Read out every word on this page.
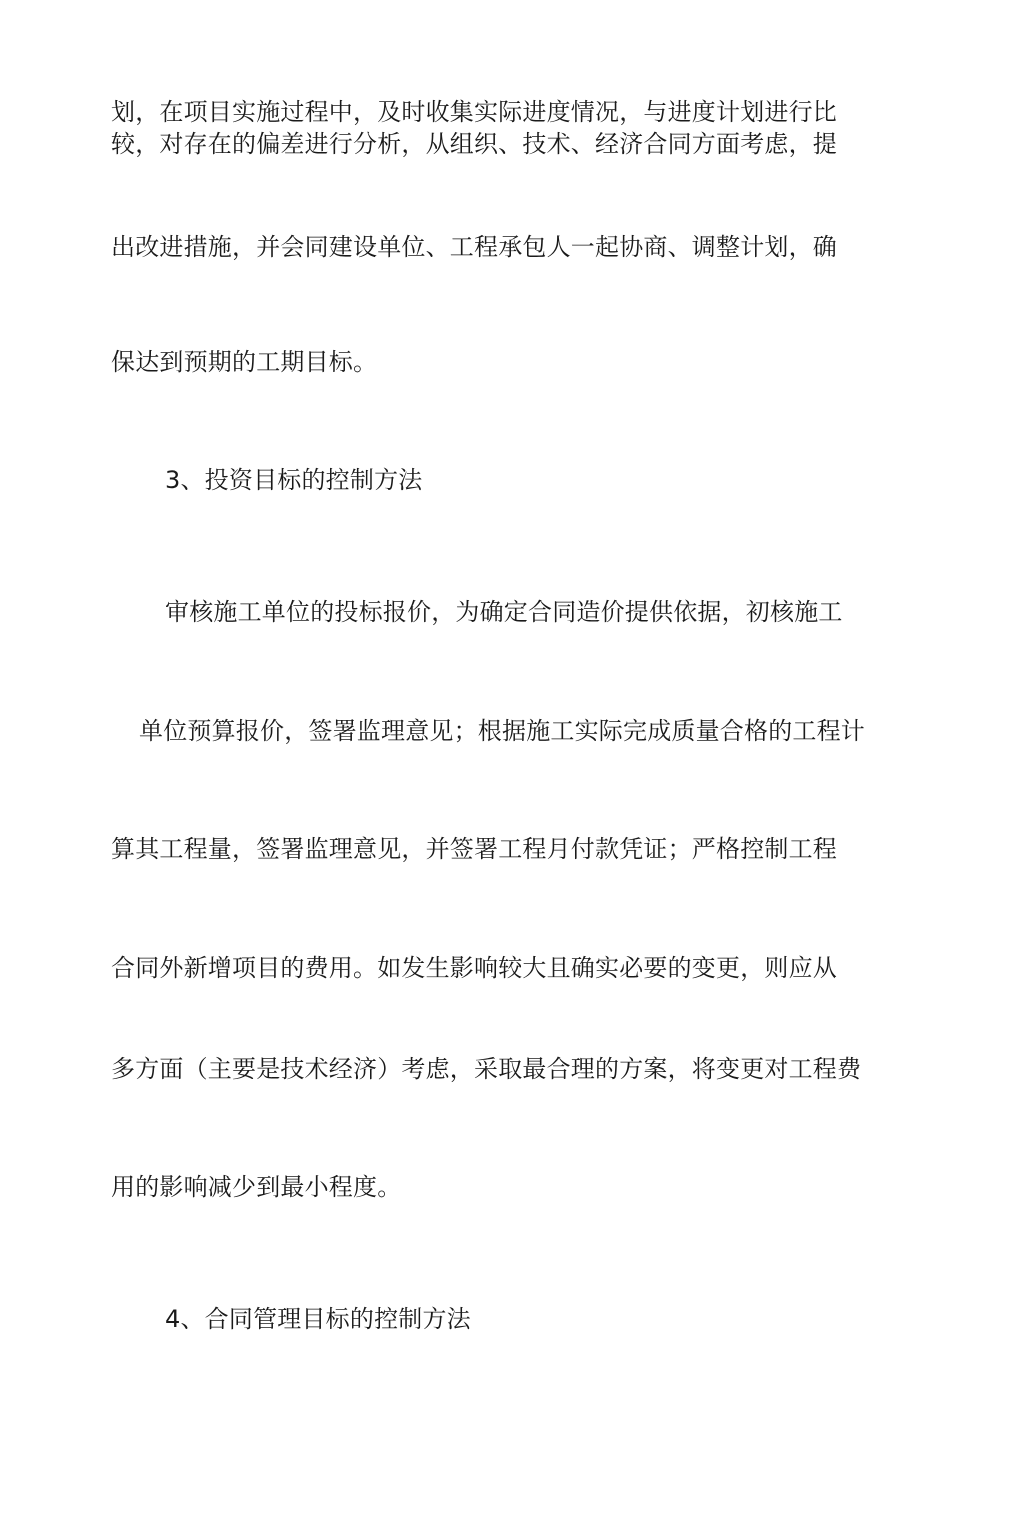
划，在项目实施过程中，及时收集实际进度情况，与进度计划进行比
较，对存在的偏差进行分析，从组织、技术、经济合同方面考虑，提
出改进措施，并会同建设单位、工程承包人一起协商、调整计划，确
保达到预期的工期目标。
3、投资目标的控制方法
审核施工单位的投标报价，为确定合同造价提供依据，初核施工
单位预算报价，签署监理意见；根据施工实际完成质量合格的工程计
算其工程量，签署监理意见，并签署工程月付款凭证；严格控制工程
合同外新增项目的费用。如发生影响较大且确实必要的变更，则应从
多方面（主要是技术经济）考虑，采取最合理的方案，将变更对工程费
用的影响减少到最小程度。
4、合同管理目标的控制方法
